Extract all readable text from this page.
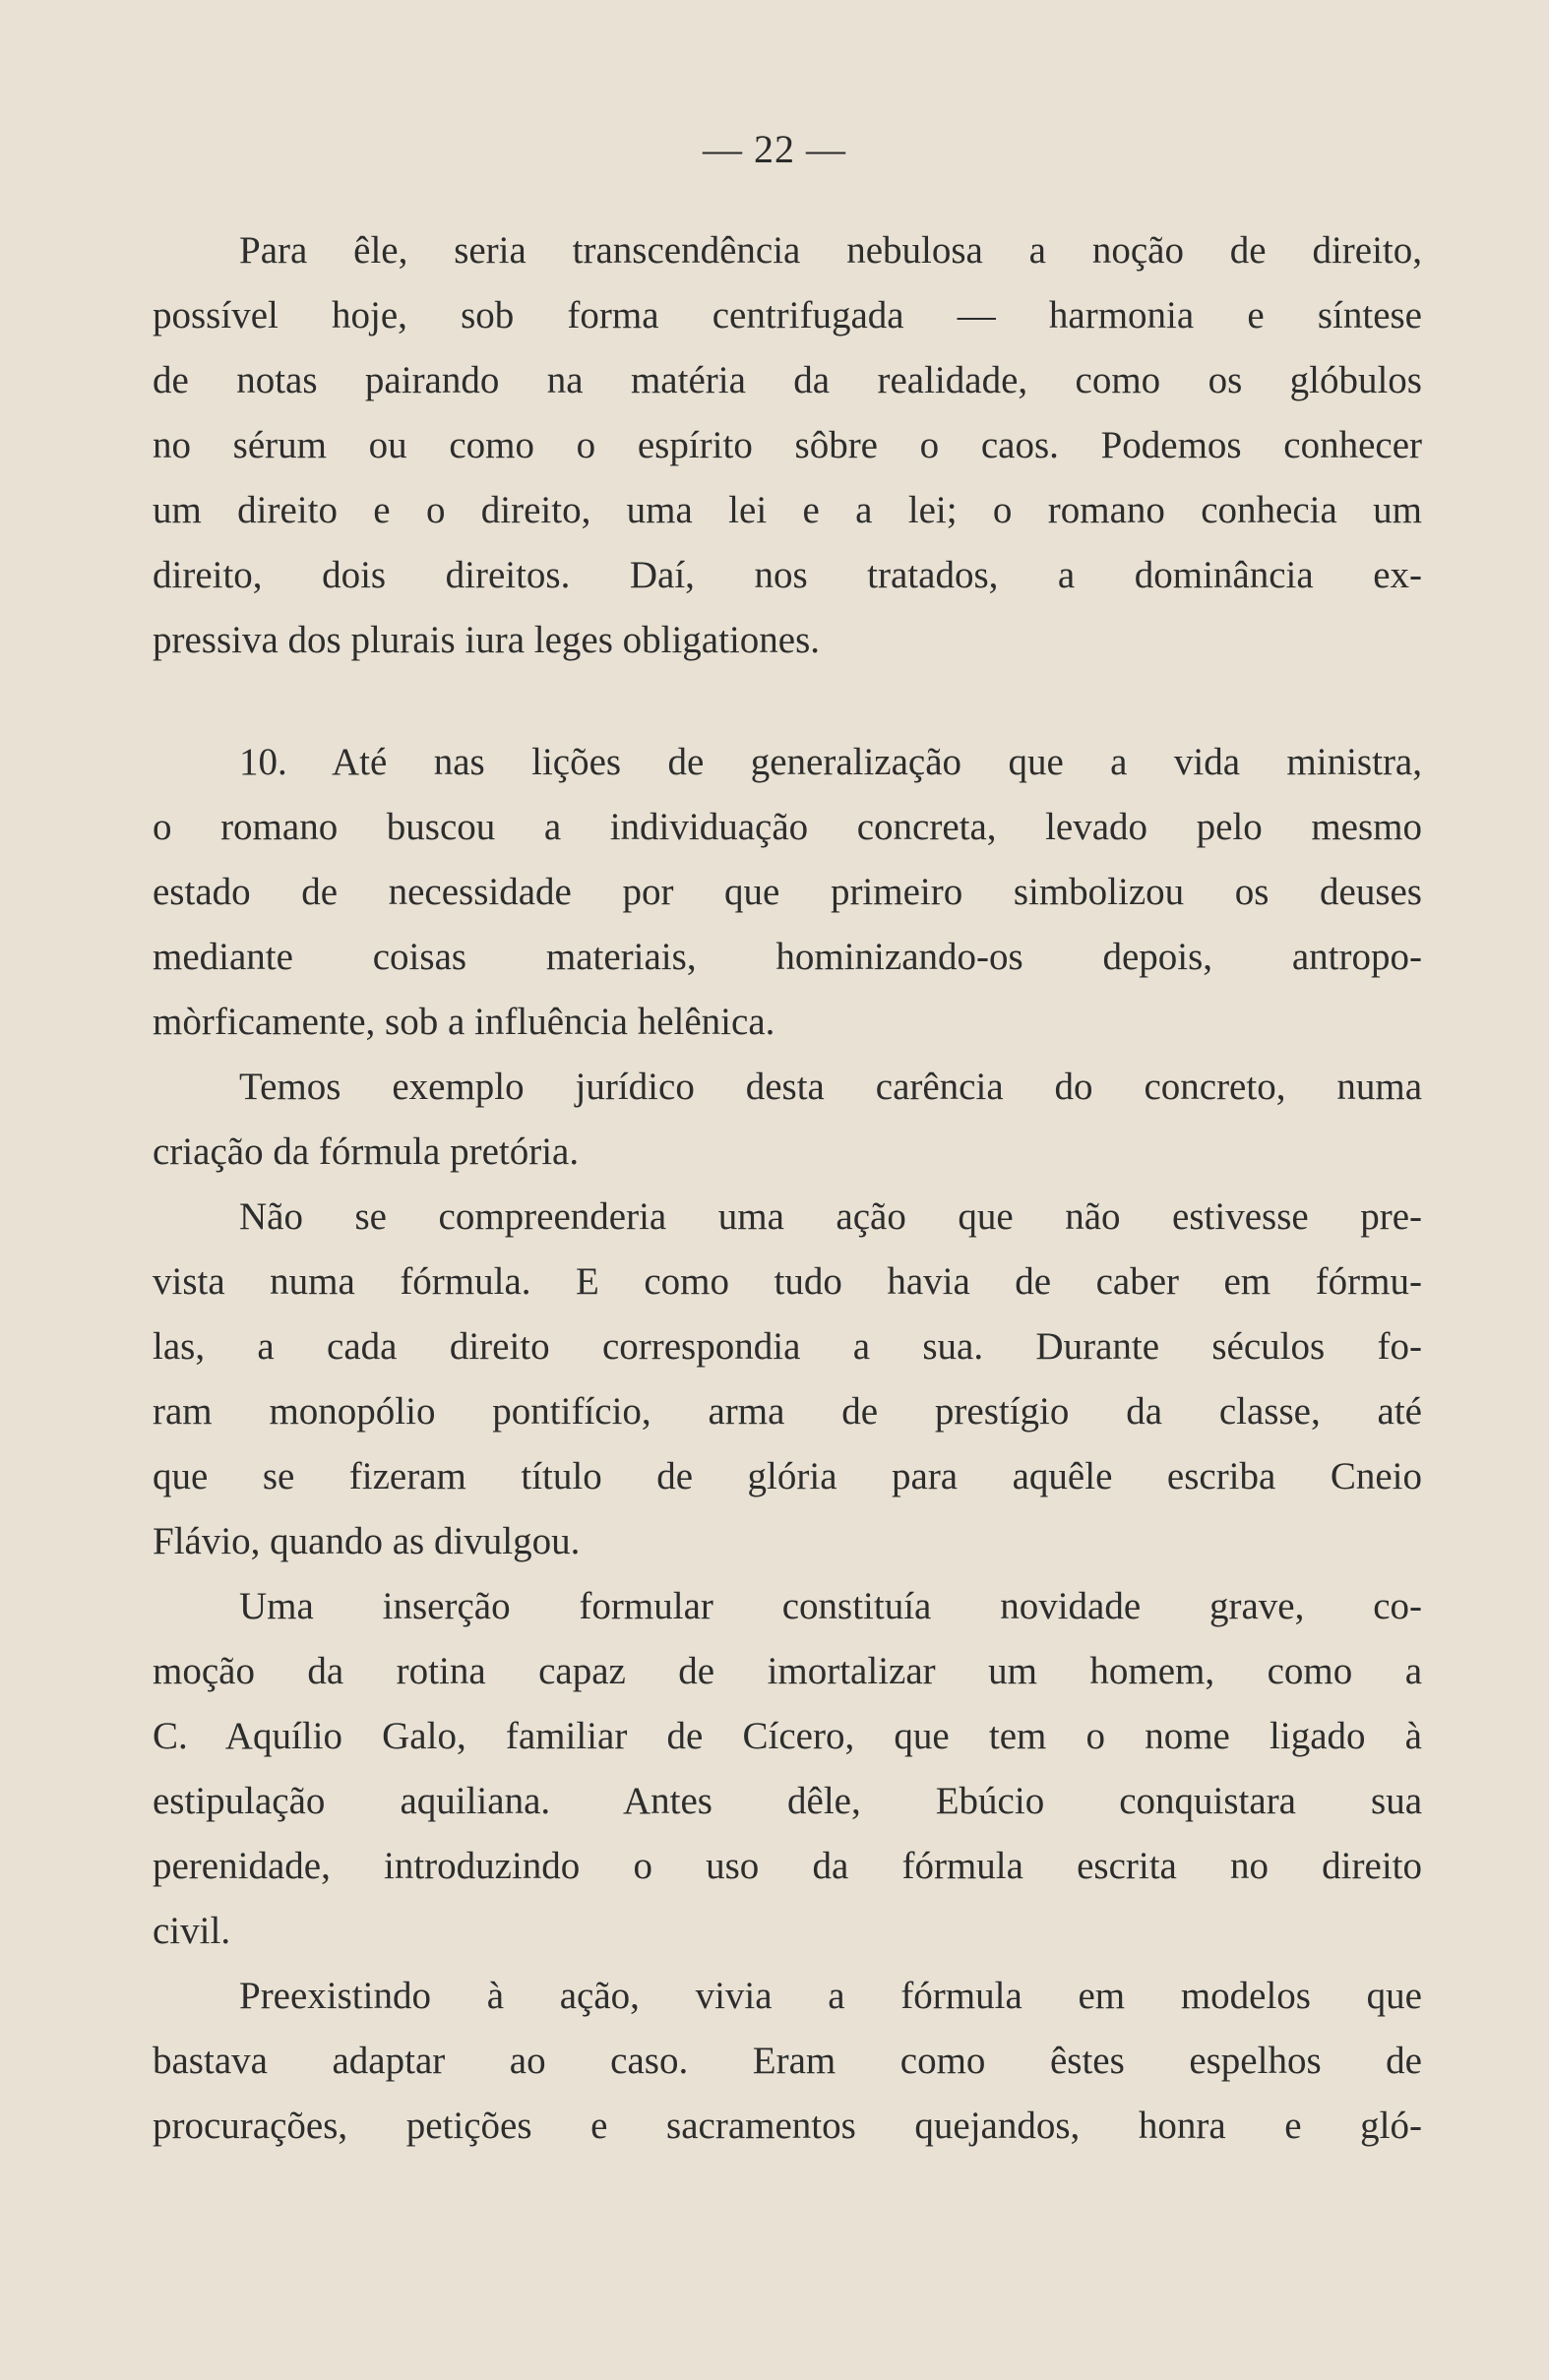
— 22 —
Para êle, seria transcendência nebulosa a noção de direito,
possível hoje, sob forma centrifugada — harmonia e síntese
de notas pairando na matéria da realidade, como os glóbulos
no sérum ou como o espírito sôbre o caos. Podemos conhecer
um direito e o direito, uma lei e a lei; o romano conhecia um
direito, dois direitos. Daí, nos tratados, a dominância ex-
pressiva dos plurais iura leges obligationes.
10. Até nas lições de generalização que a vida ministra,
o romano buscou a individuação concreta, levado pelo mesmo
estado de necessidade por que primeiro simbolizou os deuses
mediante coisas materiais, hominizando-os depois, antropo-
mòrficamente, sob a influência helênica.
Temos exemplo jurídico desta carência do concreto, numa
criação da fórmula pretória.
Não se compreenderia uma ação que não estivesse pre-
vista numa fórmula. E como tudo havia de caber em fórmu-
las, a cada direito correspondia a sua. Durante séculos fo-
ram monopólio pontifício, arma de prestígio da classe, até
que se fizeram título de glória para aquêle escriba Cneio
Flávio, quando as divulgou.
Uma inserção formular constituía novidade grave, co-
moção da rotina capaz de imortalizar um homem, como a
C. Aquílio Galo, familiar de Cícero, que tem o nome ligado à
estipulação aquiliana. Antes dêle, Ebúcio conquistara sua
perenidade, introduzindo o uso da fórmula escrita no direito
civil.
Preexistindo à ação, vivia a fórmula em modelos que
bastava adaptar ao caso. Eram como êstes espelhos de
procurações, petições e sacramentos quejandos, honra e gló-
